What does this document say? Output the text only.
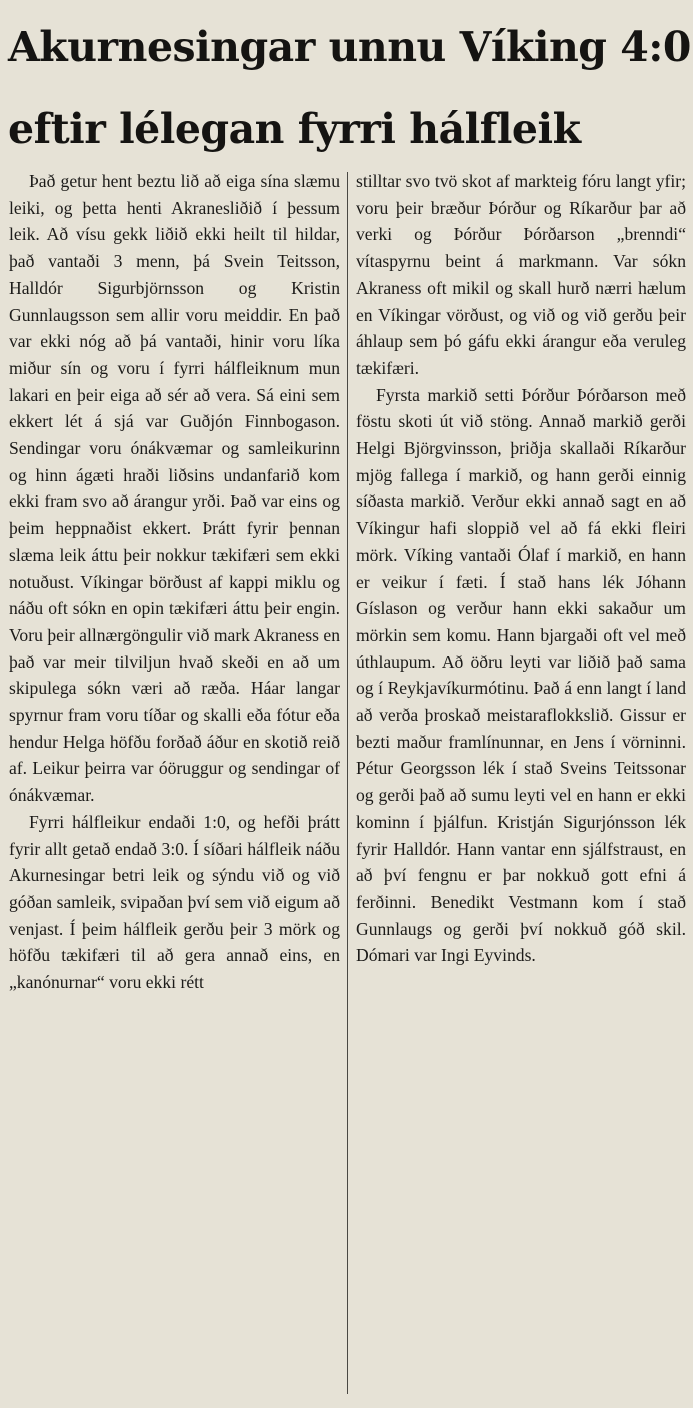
Akurnesingar unnu Víking 4:0
eftir lélegan fyrri hálfleik

Það getur hent beztu lið að eiga sína slæmu leiki, og þetta henti Akranesliðið í þessum leik. Að vísu gekk liðið ekki heilt til hildar, það vantaði 3 menn, þá Svein Teitsson, Halldór Sigurbjörnsson og Kristin Gunnlaugsson sem allir voru meiddir. En það var ekki nóg að þá vantaði, hinir voru líka miður sín og voru í fyrri hálfleiknum mun lakari en þeir eiga að sér að vera. Sá eini sem ekkert lét á sjá var Guðjón Finnbogason. Sendingar voru ónákvæmar og samleikurinn og hinn ágæti hraði liðsins undanfarið kom ekki fram svo að árangur yrði. Það var eins og þeim heppnaðist ekkert. Þrátt fyrir þennan slæma leik áttu þeir nokkur tækifæri sem ekki notuðust. Víkingar börðust af kappi miklu og náðu oft sókn en opin tækifæri áttu þeir engin. Voru þeir allnærgöngulir við mark Akraness en það var meir tilviljun hvað skeði en að um skipulega sókn væri að ræða. Háar langar spyrnur fram voru tíðar og skalli eða fótur eða hendur Helga höfðu forðað áður en skotið reið af. Leikur þeirra var óöruggur og sendingar of ónákvæmar.

Fyrri hálfleikur endaði 1:0, og hefði þrátt fyrir allt getað endað 3:0. Í síðari hálfleik náðu Akurnesingar betri leik og sýndu við og við góðan samleik, svipaðan því sem við eigum að venjast. Í þeim hálfleik gerðu þeir 3 mörk og höfðu tækifæri til að gera annað eins, en „kanónurnar“ voru ekki rétt

stilltar svo tvö skot af markteig fóru langt yfir; voru þeir bræður Þórður og Ríkarður þar að verki og Þórður Þórðarson „brenndi“ vítaspyrnu beint á markmann. Var sókn Akraness oft mikil og skall hurð nærri hælum en Víkingar vörðust, og við og við gerðu þeir áhlaup sem þó gáfu ekki árangur eða veruleg tækifæri.

Fyrsta markið setti Þórður Þórðarson með föstu skoti út við stöng. Annað markið gerði Helgi Björgvinsson, þriðja skallaði Ríkarður mjög fallega í markið, og hann gerði einnig síðasta markið. Verður ekki annað sagt en að Víkingur hafi sloppið vel að fá ekki fleiri mörk. Víking vantaði Ólaf í markið, en hann er veikur í fæti. Í stað hans lék Jóhann Gíslason og verður hann ekki sakaður um mörkin sem komu. Hann bjargaði oft vel með úthlaupum. Að öðru leyti var liðið það sama og í Reykjavíkurmótinu. Það á enn langt í land að verða þroskað meistaraflokkslið. Gissur er bezti maður framlínunnar, en Jens í vörninni. Pétur Georgsson lék í stað Sveins Teitssonar og gerði það að sumu leyti vel en hann er ekki kominn í þjálfun. Kristján Sigurjónsson lék fyrir Halldór. Hann vantar enn sjálfstraust, en að því fengnu er þar nokkuð gott efni á ferðinni. Benedikt Vestmann kom í stað Gunnlaugs og gerði því nokkuð góð skil. Dómari var Ingi Eyvinds.
